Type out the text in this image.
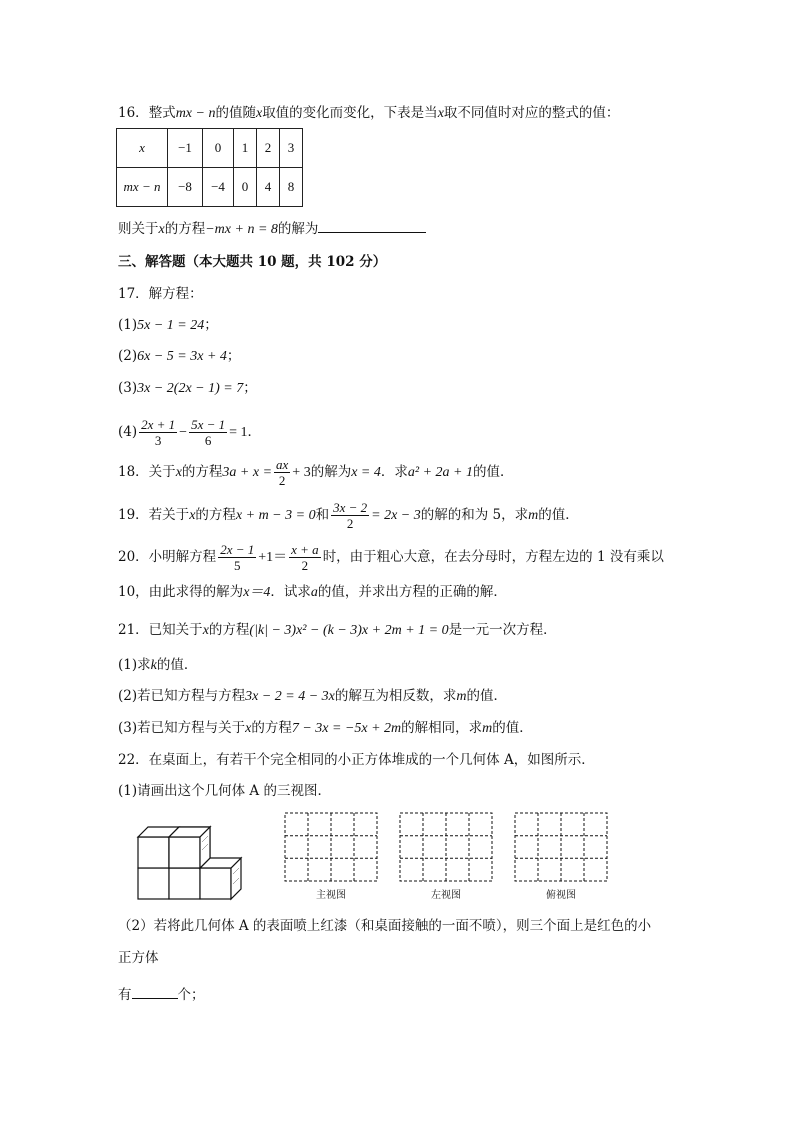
16．整式mx − n的值随x取值的变化而变化，下表是当x取不同值时对应的整式的值：
x	−1	0	1	2	3
mx − n	−8	−4	0	4	8
则关于x的方程−mx + n = 8的解为
三、解答题（本大题共 10 题，共 102 分）
17．解方程：
(1)5x − 1 = 24；
(2)6x − 5 = 3x + 4；
(3)3x − 2(2x − 1) = 7；
$(4) \frac{2x + 1}{3} - \frac{5x - 1}{6} = 1$．
18．关于x的方程$3a + x = \frac{ax}{2} + 3$的解为x = 4．求a² + 2a + 1的值．
19．若关于x的方程x + m − 3 = 0和 $\frac{3x - 2}{2} = 2x - 3$的解的和为 5，求m的值．
20．小明解方程 $\frac{2x - 1}{5} +1= \frac{x + a}{2}$ 时，由于粗心大意，在去分母时，方程左边的 1 没有乘以
10，由此求得的解为x＝4．试求a的值，并求出方程的正确的解．
21．已知关于x的方程(|k| − 3)x² − (k − 3)x + 2m + 1 = 0是一元一次方程．
(1)求k的值．
(2)若已知方程与方程3x − 2 = 4 − 3x的解互为相反数，求m的值．
(3)若已知方程与关于x的方程7 − 3x = −5x + 2m的解相同，求m的值．
22．在桌面上，有若干个完全相同的小正方体堆成的一个几何体 A，如图所示．
(1)请画出这个几何体 A 的三视图．
主视图	左视图	俯视图
（2）若将此几何体 A 的表面喷上红漆（和桌面接触的一面不喷），则三个面上是红色的小
正方体
有	个；
